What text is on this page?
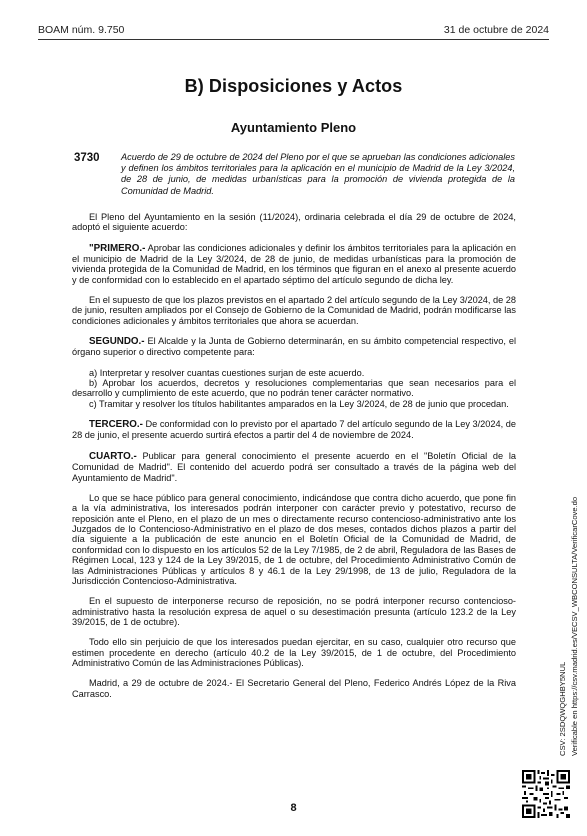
BOAM núm. 9.750	31 de octubre de 2024
B) Disposiciones y Actos
Ayuntamiento Pleno
3730 Acuerdo de 29 de octubre de 2024 del Pleno por el que se aprueban las condiciones adicionales y definen los ámbitos territoriales para la aplicación en el municipio de Madrid de la Ley 3/2024, de 28 de junio, de medidas urbanísticas para la promoción de vivienda protegida de la Comunidad de Madrid.

El Pleno del Ayuntamiento en la sesión (11/2024), ordinaria celebrada el día 29 de octubre de 2024, adoptó el siguiente acuerdo:

"PRIMERO.- Aprobar las condiciones adicionales y definir los ámbitos territoriales para la aplicación en el municipio de Madrid de la Ley 3/2024, de 28 de junio, de medidas urbanísticas para la promoción de vivienda protegida de la Comunidad de Madrid, en los términos que figuran en el anexo al presente acuerdo y de conformidad con lo establecido en el apartado séptimo del artículo segundo de dicha ley.

En el supuesto de que los plazos previstos en el apartado 2 del artículo segundo de la Ley 3/2024, de 28 de junio, resulten ampliados por el Consejo de Gobierno de la Comunidad de Madrid, podrán modificarse las condiciones adicionales y ámbitos territoriales que ahora se acuerdan.

SEGUNDO.- El Alcalde y la Junta de Gobierno determinarán, en su ámbito competencial respectivo, el órgano superior o directivo competente para:

a) Interpretar y resolver cuantas cuestiones surjan de este acuerdo.

b) Aprobar los acuerdos, decretos y resoluciones complementarias que sean necesarios para el desarrollo y cumplimiento de este acuerdo, que no podrán tener carácter normativo.

c) Tramitar y resolver los títulos habilitantes amparados en la Ley 3/2024, de 28 de junio que procedan.

TERCERO.- De conformidad con lo previsto por el apartado 7 del artículo segundo de la Ley 3/2024, de 28 de junio, el presente acuerdo surtirá efectos a partir del 4 de noviembre de 2024.

CUARTO.- Publicar para general conocimiento el presente acuerdo en el "Boletín Oficial de la Comunidad de Madrid". El contenido del acuerdo podrá ser consultado a través de la página web del Ayuntamiento de Madrid".

Lo que se hace público para general conocimiento, indicándose que contra dicho acuerdo, que pone fin a la vía administrativa, los interesados podrán interponer con carácter previo y potestativo, recurso de reposición ante el Pleno, en el plazo de un mes o directamente recurso contencioso-administrativo ante los Juzgados de lo Contencioso-Administrativo en el plazo de dos meses, contados dichos plazos a partir del día siguiente a la publicación de este anuncio en el Boletín Oficial de la Comunidad de Madrid, de conformidad con lo dispuesto en los artículos 52 de la Ley 7/1985, de 2 de abril, Reguladora de las Bases de Régimen Local, 123 y 124 de la Ley 39/2015, de 1 de octubre, del Procedimiento Administrativo Común de las Administraciones Públicas y artículos 8 y 46.1 de la Ley 29/1998, de 13 de julio, Reguladora de la Jurisdicción Contencioso-Administrativa.

En el supuesto de interponerse recurso de reposición, no se podrá interponer recurso contencioso-administrativo hasta la resolución expresa de aquel o su desestimación presunta (artículo 123.2 de la Ley 39/2015, de 1 de octubre).

Todo ello sin perjuicio de que los interesados puedan ejercitar, en su caso, cualquier otro recurso que estimen procedente en derecho (artículo 40.2 de la Ley 39/2015, de 1 de octubre, del Procedimiento Administrativo Común de las Administraciones Públicas).

Madrid, a 29 de octubre de 2024.- El Secretario General del Pleno, Federico Andrés López de la Riva Carrasco.	CSV: 2SDQWQGHBY5NUL Verificable en https://csv.madrid.es/VECSV_WBCONSULTA/VerificarCove.do
8
